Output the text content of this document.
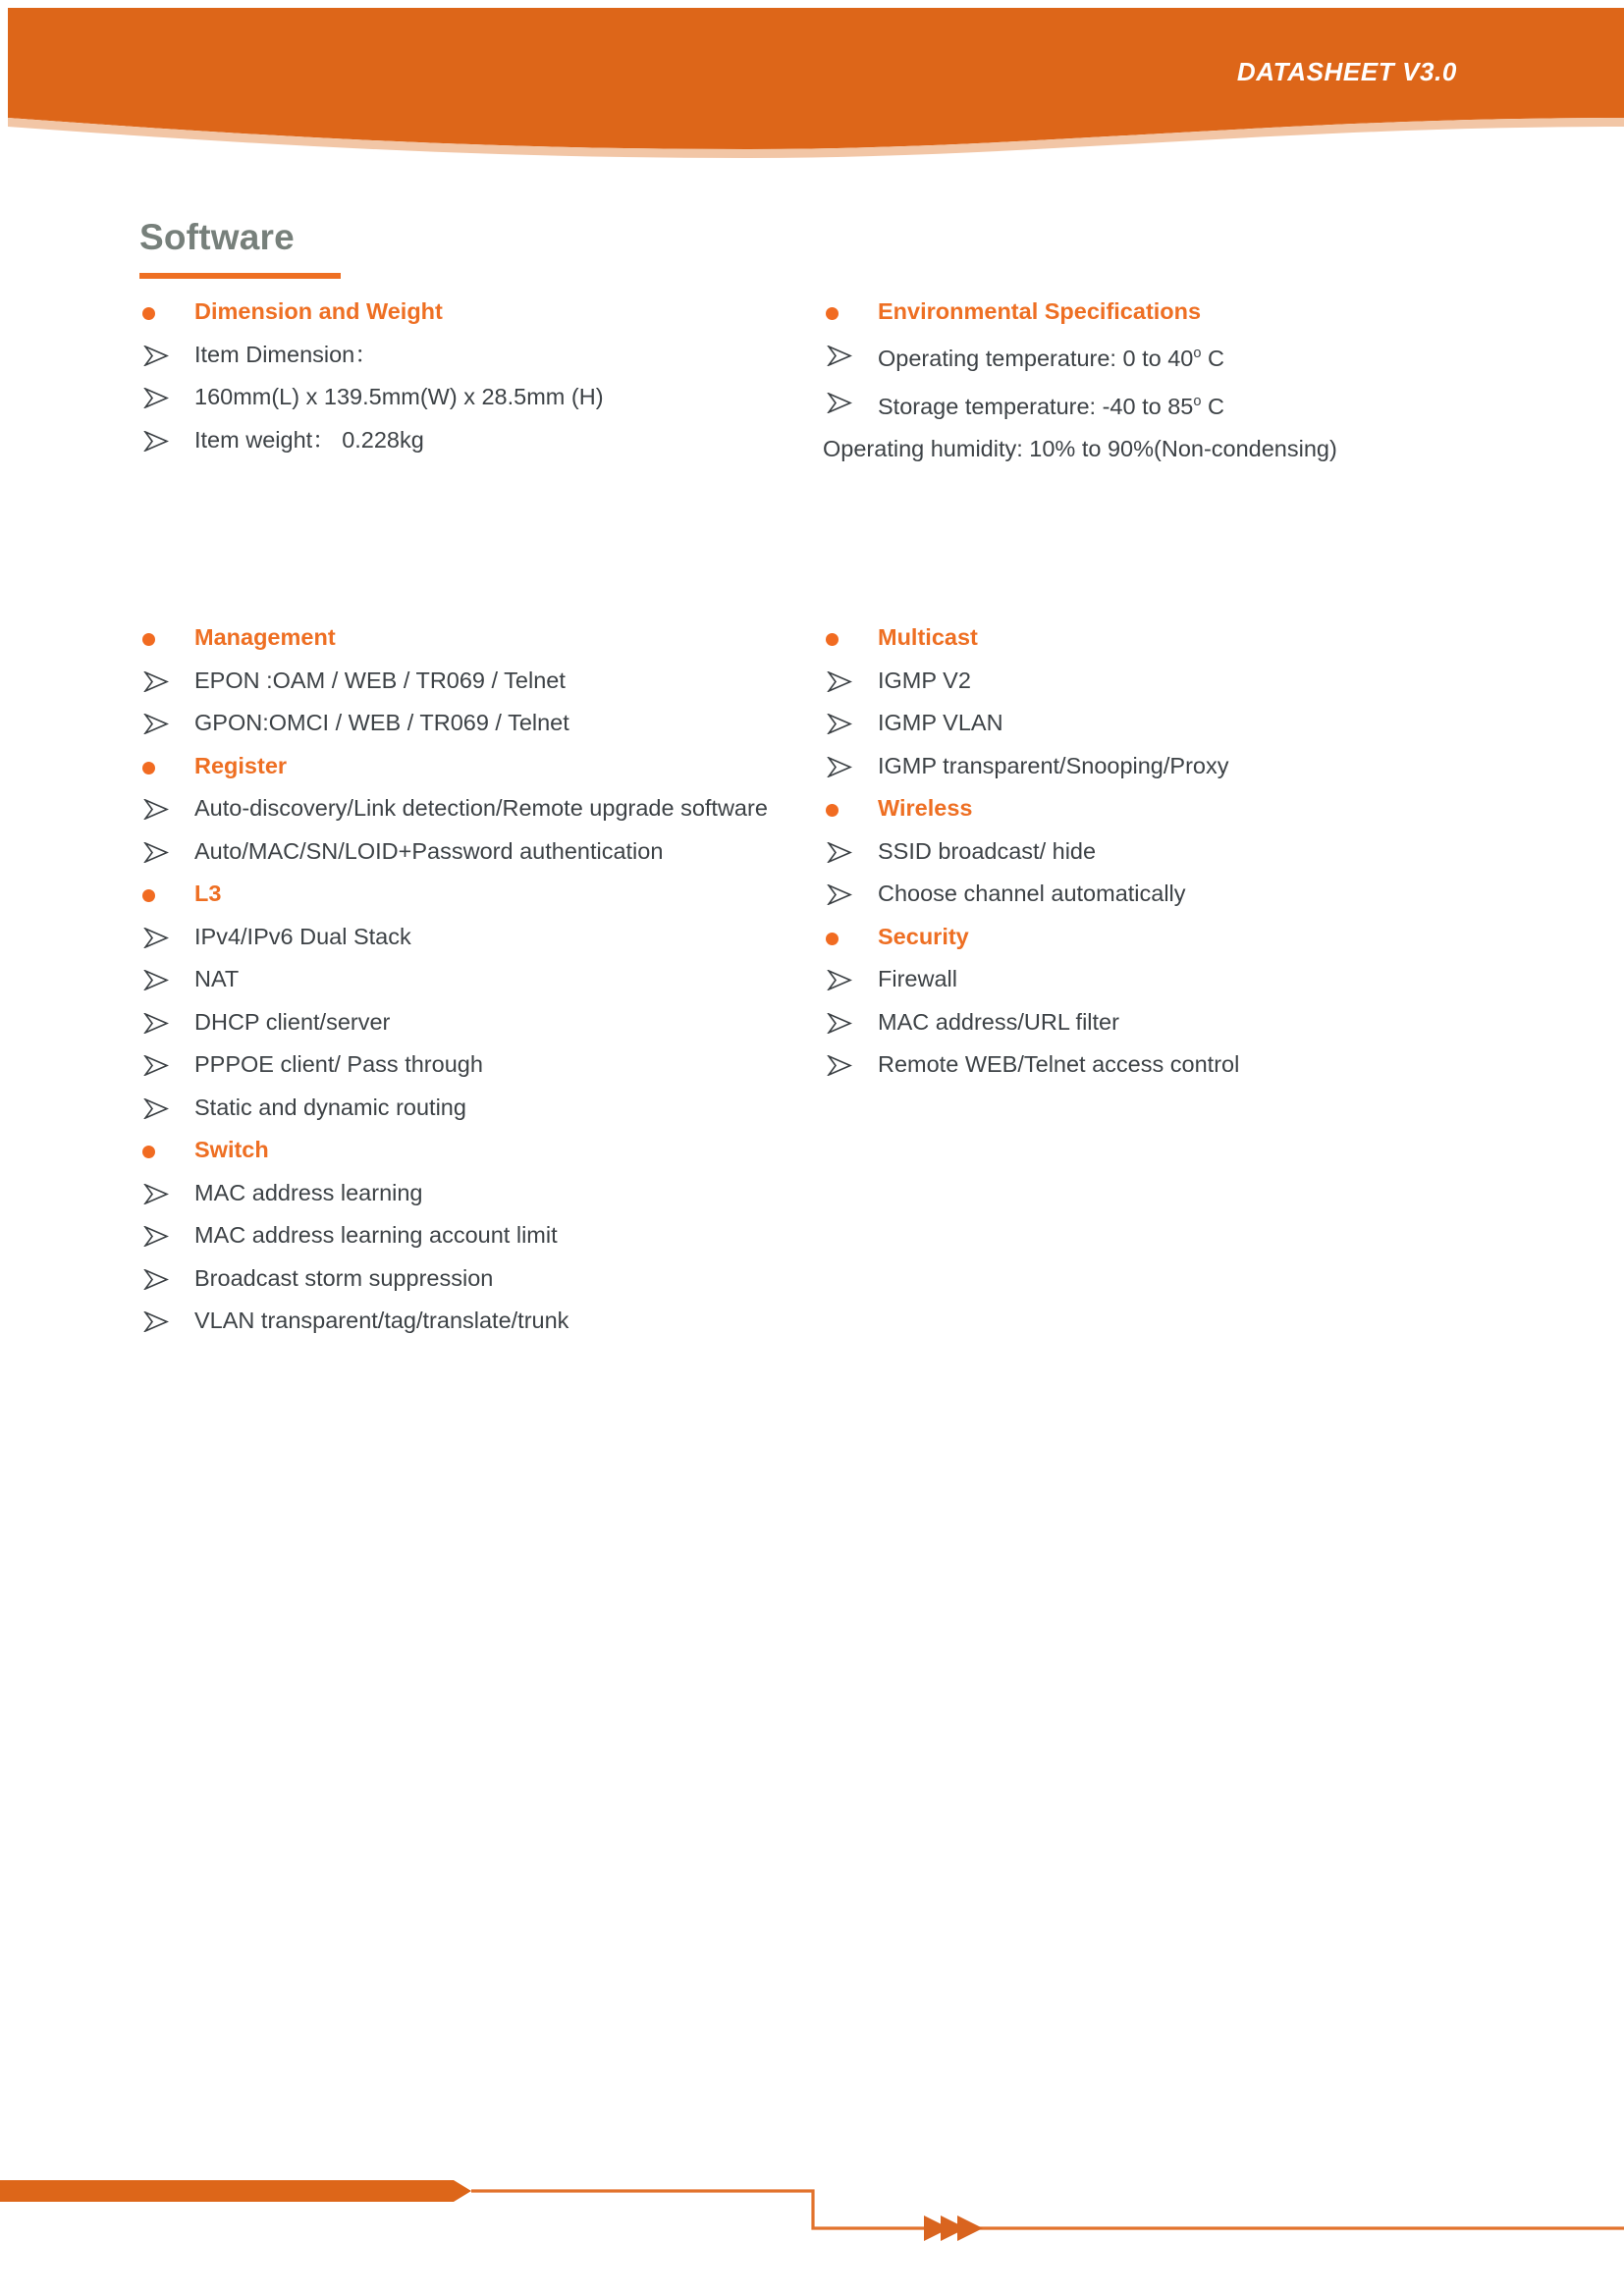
DATASHEET V3.0
Software
Dimension and Weight
Item Dimension：
160mm(L) x 139.5mm(W) x 28.5mm (H)
Item weight： 0.228kg
Environmental Specifications
Operating temperature: 0 to 40$^o$ C
Storage temperature: -40 to 85$^o$ C
Operating humidity: 10% to 90%(Non-condensing)
Management
EPON :OAM / WEB / TR069 / Telnet
GPON:OMCI / WEB / TR069 / Telnet
Register
Auto-discovery/Link detection/Remote upgrade software
Auto/MAC/SN/LOID+Password authentication
L3
IPv4/IPv6 Dual Stack
NAT
DHCP client/server
PPPOE client/ Pass through
Static and dynamic routing
Switch
MAC address learning
MAC address learning account limit
Broadcast storm suppression
VLAN transparent/tag/translate/trunk
Multicast
IGMP V2
IGMP VLAN
IGMP transparent/Snooping/Proxy
Wireless
SSID broadcast/ hide
Choose channel automatically
Security
Firewall
MAC address/URL filter
Remote WEB/Telnet access control
